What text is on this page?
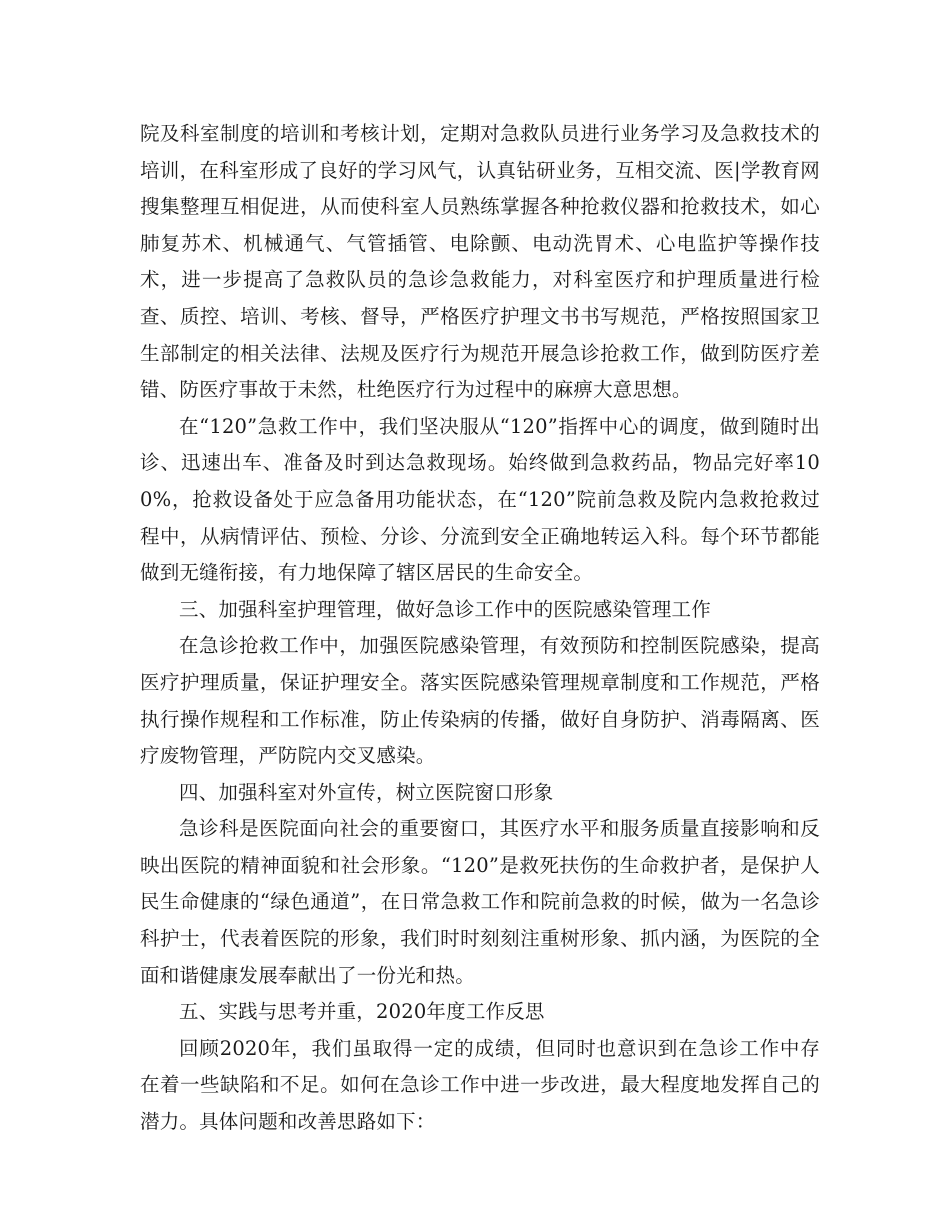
院及科室制度的培训和考核计划，定期对急救队员进行业务学习及急救技术的培训，在科室形成了良好的学习风气，认真钻研业务，互相交流、医|学教育网搜集整理互相促进，从而使科室人员熟练掌握各种抢救仪器和抢救技术，如心肺复苏术、机械通气、气管插管、电除颤、电动洗胃术、心电监护等操作技术，进一步提高了急救队员的急诊急救能力，对科室医疗和护理质量进行检查、质控、培训、考核、督导，严格医疗护理文书书写规范，严格按照国家卫生部制定的相关法律、法规及医疗行为规范开展急诊抢救工作，做到防医疗差错、防医疗事故于未然，杜绝医疗行为过程中的麻痹大意思想。

在“120”急救工作中，我们坚决服从“120”指挥中心的调度，做到随时出诊、迅速出车、准备及时到达急救现场。始终做到急救药品，物品完好率100%，抢救设备处于应急备用功能状态，在“120”院前急救及院内急救抢救过程中，从病情评估、预检、分诊、分流到安全正确地转运入科。每个环节都能做到无缝衔接，有力地保障了辖区居民的生命安全。

三、加强科室护理管理，做好急诊工作中的医院感染管理工作

在急诊抢救工作中，加强医院感染管理，有效预防和控制医院感染，提高医疗护理质量，保证护理安全。落实医院感染管理规章制度和工作规范，严格执行操作规程和工作标准，防止传染病的传播，做好自身防护、消毒隔离、医疗废物管理，严防院内交叉感染。

四、加强科室对外宣传，树立医院窗口形象

急诊科是医院面向社会的重要窗口，其医疗水平和服务质量直接影响和反映出医院的精神面貌和社会形象。“120”是救死扶伤的生命救护者，是保护人民生命健康的“绿色通道”，在日常急救工作和院前急救的时候，做为一名急诊科护士，代表着医院的形象，我们时时刻刻注重树形象、抓内涵，为医院的全面和谐健康发展奉献出了一份光和热。

五、实践与思考并重，2020年度工作反思

回顾2020年，我们虽取得一定的成绩，但同时也意识到在急诊工作中存在着一些缺陷和不足。如何在急诊工作中进一步改进，最大程度地发挥自己的潜力。具体问题和改善思路如下：
